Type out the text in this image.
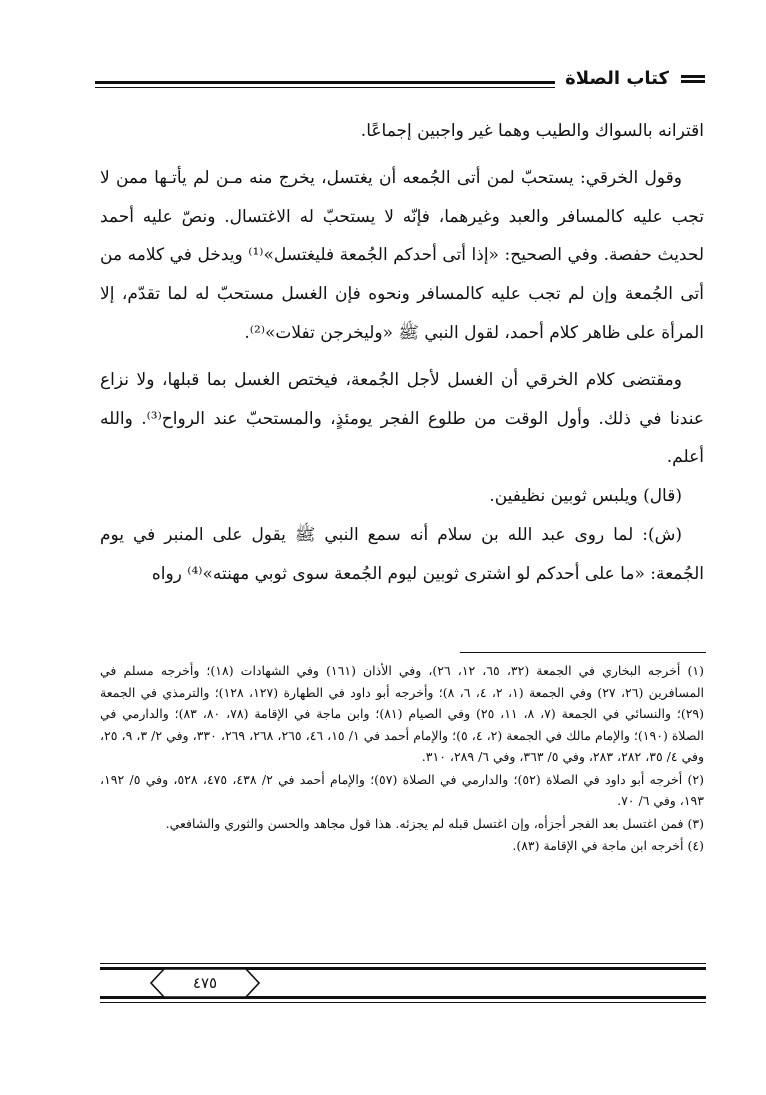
كتاب الصلاة

اقترانه بالسواك والطيب وهما غير واجبين إجماعًا.

وقول الخرقي: يستحبّ لمن أتى الجُمعه أن يغتسل، يخرج منه مـن لم يأتـها ممن لا تجب عليه كالمسافر والعبد وغيرهما، فإنّه لا يستحبّ له الاغتسال. ونصّ عليه أحمد لحديث حفصة. وفي الصحيح: «إذا أتى أحدكم الجُمعة فليغتسل»⁽¹⁾ ويدخل في كلامه من أتى الجُمعة وإن لم تجب عليه كالمسافر ونحوه فإن الغسل مستحبّ له لما تقدّم، إلا المرأة على ظاهر كلام أحمد، لقول النبي ﷺ «وليخرجن تفلات»⁽²⁾.

ومقتضى كلام الخرقي أن الغسل لأجل الجُمعة، فيختص الغسل بما قبلها، ولا نزاع عندنا في ذلك. وأول الوقت من طلوع الفجر يومئذٍ، والمستحبّ عند الرواح⁽³⁾. والله أعلم.

(قال) ويلبس ثوبين نظيفين.

(ش): لما روى عبد الله بن سلام أنه سمع النبي ﷺ يقول على المنبر في يوم الجُمعة: «ما على أحدكم لو اشترى ثوبين ليوم الجُمعة سوى ثوبي مهنته»⁽⁴⁾ رواه

(١) أخرجه البخاري في الجمعة (٣٢، ٦٥، ١٢، ٢٦)، وفي الأذان (١٦١) وفي الشهادات (١٨)؛ وأخرجه مسلم في المسافرين (٢٦، ٢٧) وفي الجمعة (١، ٢، ٤، ٦، ٨)؛ وأخرجه أبو داود في الطهارة (١٢٧، ١٢٨)؛ والترمذي في الجمعة (٢٩)؛ والنسائي في الجمعة (٧، ٨، ١١، ٢٥) وفي الصيام (٨١)؛ وابن ماجة في الإقامة (٧٨، ٨٠، ٨٣)؛ والدارمي في الصلاة (١٩٠)؛ والإمام مالك في الجمعة (٢، ٤، ٥)؛ والإمام أحمد في ١/ ١٥، ٤٦، ٢٦٥، ٢٦٨، ٢٦٩، ٣٣٠، وفي ٢/ ٣، ٩، ٢٥، وفي ٤/ ٣٥، ٢٨٢، ٢٨٣، وفي ٥/ ٣٦٣، وفي ٦/ ٢٨٩، ٣١٠.

(٢) أخرجه أبو داود في الصلاة (٥٢)؛ والدارمي في الصلاة (٥٧)؛ والإمام أحمد في ٢/ ٤٣٨، ٤٧٥، ٥٢٨، وفي ٥/ ١٩٢، ١٩٣، وفي ٦/ ٧٠.

(٣) فمن اغتسل بعد الفجر أجزأه، وإن اغتسل قبله لم يجزئه. هذا قول مجاهد والحسن والثوري والشافعي.

(٤) أخرجه ابن ماجة في الإقامة (٨٣).

٤٧٥
